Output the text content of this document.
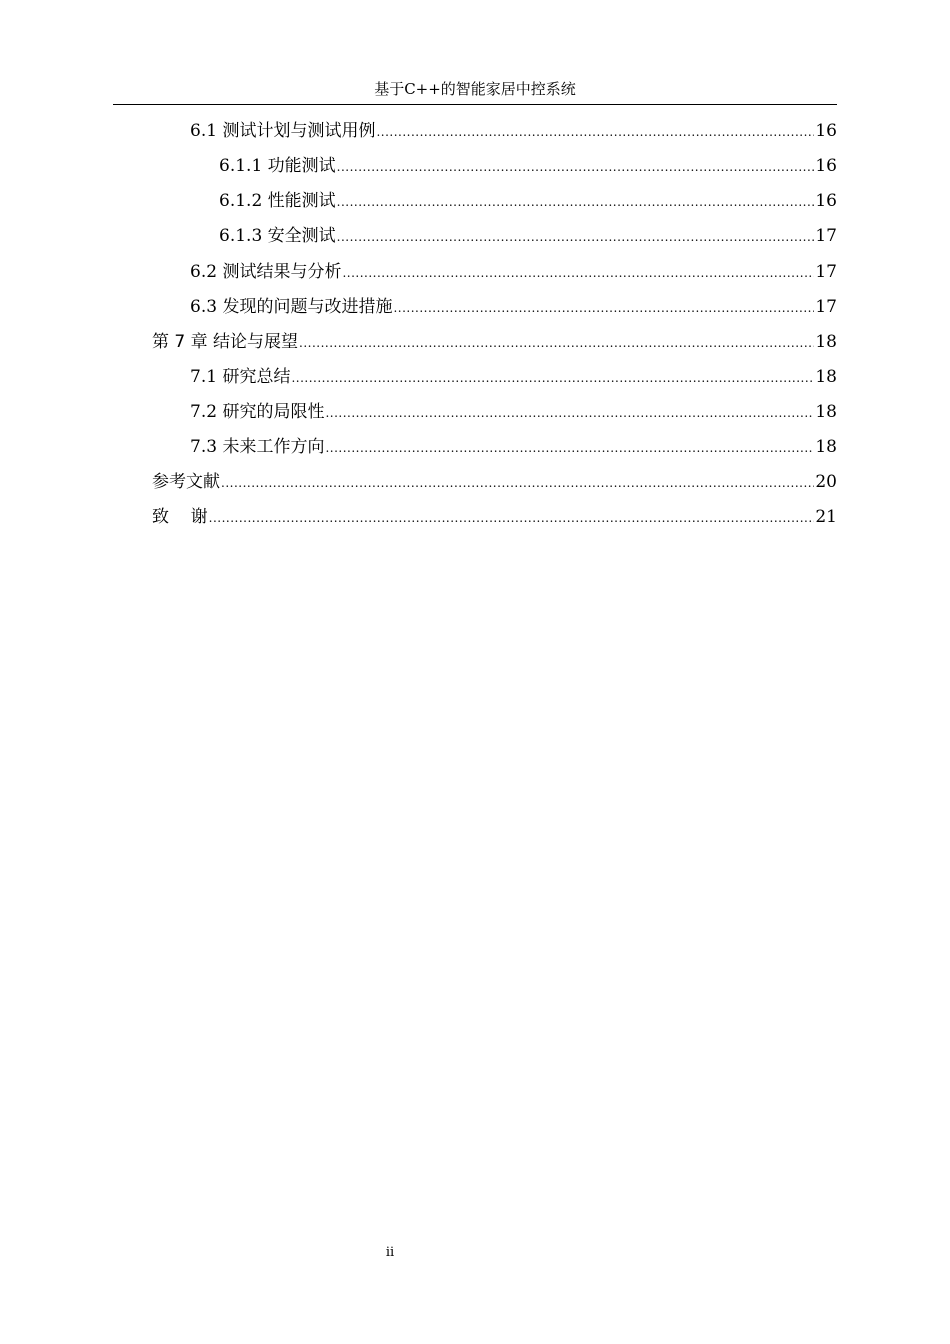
基于C++的智能家居中控系统
6.1 测试计划与测试用例 .....	16
6.1.1 功能测试 .....	16
6.1.2 性能测试 .....	16
6.1.3 安全测试 .....	17
6.2 测试结果与分析 .....	17
6.3 发现的问题与改进措施 .....	17
第 7 章 结论与展望 .....	18
7.1 研究总结 .....	18
7.2 研究的局限性 .....	18
7.3 未来工作方向 .....	18
参考文献 .....	20
致    谢 .....	21
ii
